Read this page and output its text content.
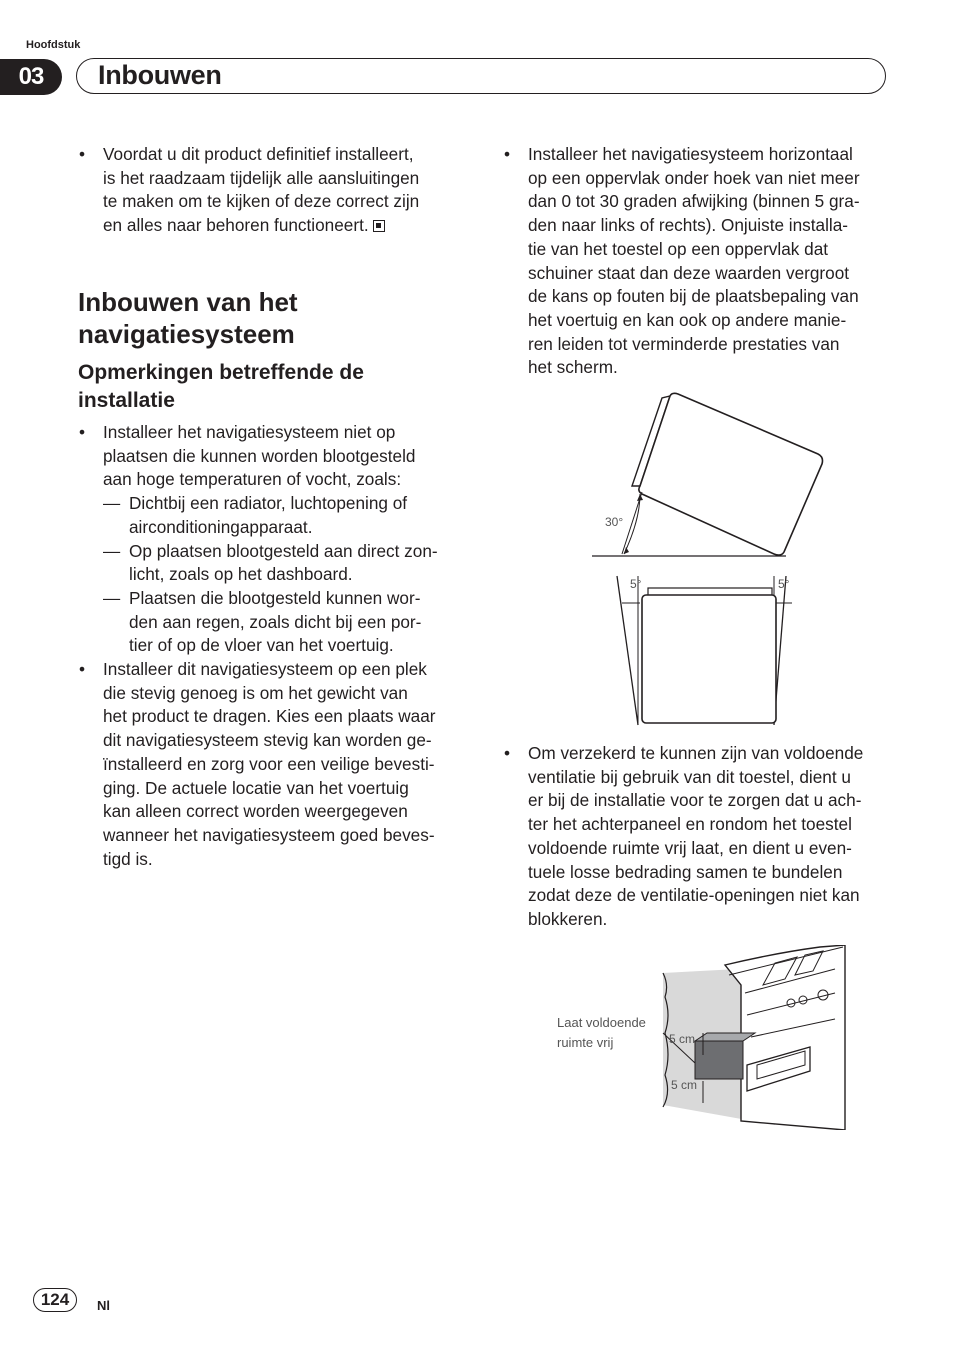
Hoofdstuk
03	Inbouwen
• Voordat u dit product definitief installeert,
is het raadzaam tijdelijk alle aansluitingen
te maken om te kijken of deze correct zijn
en alles naar behoren functioneert.
Inbouwen van het
navigatiesysteem
Opmerkingen betreffende de
installatie
• Installeer het navigatiesysteem niet op
plaatsen die kunnen worden blootgesteld
aan hoge temperaturen of vocht, zoals:
— Dichtbij een radiator, luchtopening of
airconditioningapparaat.
— Op plaatsen blootgesteld aan direct zon-
licht, zoals op het dashboard.
— Plaatsen die blootgesteld kunnen wor-
den aan regen, zoals dicht bij een por-
tier of op de vloer van het voertuig.
• Installeer dit navigatiesysteem op een plek
die stevig genoeg is om het gewicht van
het product te dragen. Kies een plaats waar
dit navigatiesysteem stevig kan worden ge-
ïnstalleerd en zorg voor een veilige bevesti-
ging. De actuele locatie van het voertuig
kan alleen correct worden weergegeven
wanneer het navigatiesysteem goed beves-
tigd is.
• Installeer het navigatiesysteem horizontaal
op een oppervlak onder hoek van niet meer
dan 0 tot 30 graden afwijking (binnen 5 gra-
den naar links of rechts). Onjuiste installa-
tie van het toestel op een oppervlak dat
schuiner staat dan deze waarden vergroot
de kans op fouten bij de plaatsbepaling van
het voertuig en kan ook op andere manie-
ren leiden tot verminderde prestaties van
het scherm.
30°
5°	5°
• Om verzekerd te kunnen zijn van voldoende
ventilatie bij gebruik van dit toestel, dient u
er bij de installatie voor te zorgen dat u ach-
ter het achterpaneel en rondom het toestel
voldoende ruimte vrij laat, en dient u even-
tuele losse bedrading samen te bundelen
zodat deze de ventilatie-openingen niet kan
blokkeren.
Laat voldoende
ruimte vrij	5 cm
5 cm
124	Nl
